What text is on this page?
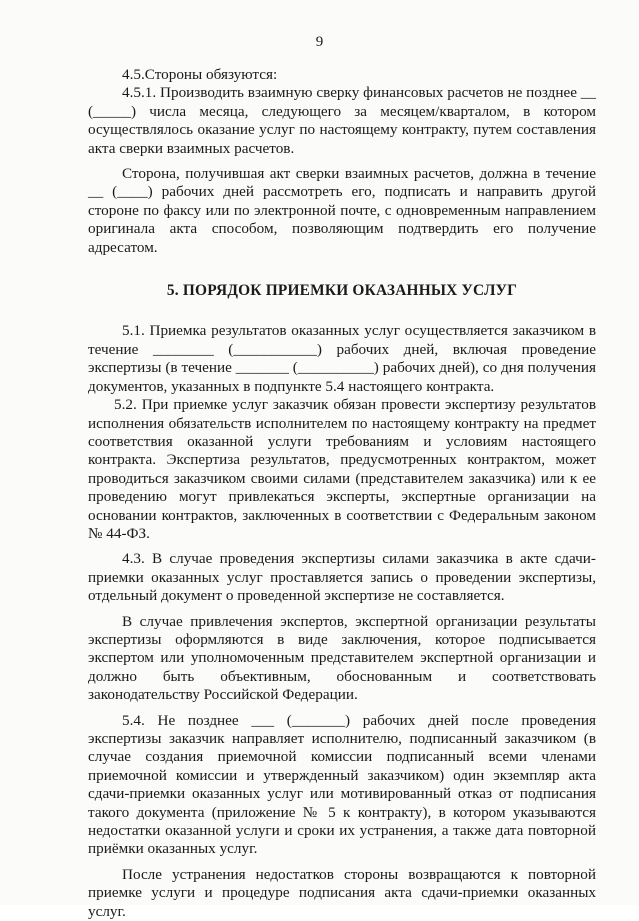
9

4.5.Стороны обязуются:

4.5.1. Производить взаимную сверку финансовых расчетов не позднее __ (_____) числа месяца, следующего за месяцем/кварталом, в котором осуществлялось оказание услуг по настоящему контракту, путем составления акта сверки взаимных расчетов.

Сторона, получившая акт сверки взаимных расчетов, должна в течение __ (____) рабочих дней рассмотреть его, подписать и направить другой стороне по факсу или по электронной почте, с одновременным направлением оригинала акта способом, позволяющим подтвердить его получение адресатом.

5. ПОРЯДОК ПРИЕМКИ ОКАЗАННЫХ УСЛУГ

5.1. Приемка результатов оказанных услуг осуществляется заказчиком в течение ________ (___________) рабочих дней, включая проведение экспертизы (в течение _______ (__________) рабочих дней), со дня получения документов, указанных в подпункте 5.4 настоящего контракта.

5.2. При приемке услуг заказчик обязан провести экспертизу результатов исполнения обязательств исполнителем по настоящему контракту на предмет соответствия оказанной услуги требованиям и условиям настоящего контракта. Экспертиза результатов, предусмотренных контрактом, может проводиться заказчиком своими силами (представителем заказчика) или к ее проведению могут привлекаться эксперты, экспертные организации на основании контрактов, заключенных в соответствии с Федеральным законом № 44-ФЗ.

4.3. В случае проведения экспертизы силами заказчика в акте сдачи-приемки оказанных услуг проставляется запись о проведении экспертизы, отдельный документ о проведенной экспертизе не составляется.

В случае привлечения экспертов, экспертной организации результаты экспертизы оформляются в виде заключения, которое подписывается экспертом или уполномоченным представителем экспертной организации и должно быть объективным, обоснованным и соответствовать законодательству Российской Федерации.

5.4. Не позднее ___ (_______) рабочих дней после проведения экспертизы заказчик направляет исполнителю, подписанный заказчиком (в случае создания приемочной комиссии подписанный всеми членами приемочной комиссии и утвержденный заказчиком) один экземпляр акта сдачи-приемки оказанных услуг или мотивированный отказ от подписания такого документа (приложение № 5 к контракту), в котором указываются недостатки оказанной услуги и сроки их устранения, а также дата повторной приёмки оказанных услуг.

После устранения недостатков стороны возвращаются к повторной приемке услуги и процедуре подписания акта сдачи-приемки оказанных услуг.
